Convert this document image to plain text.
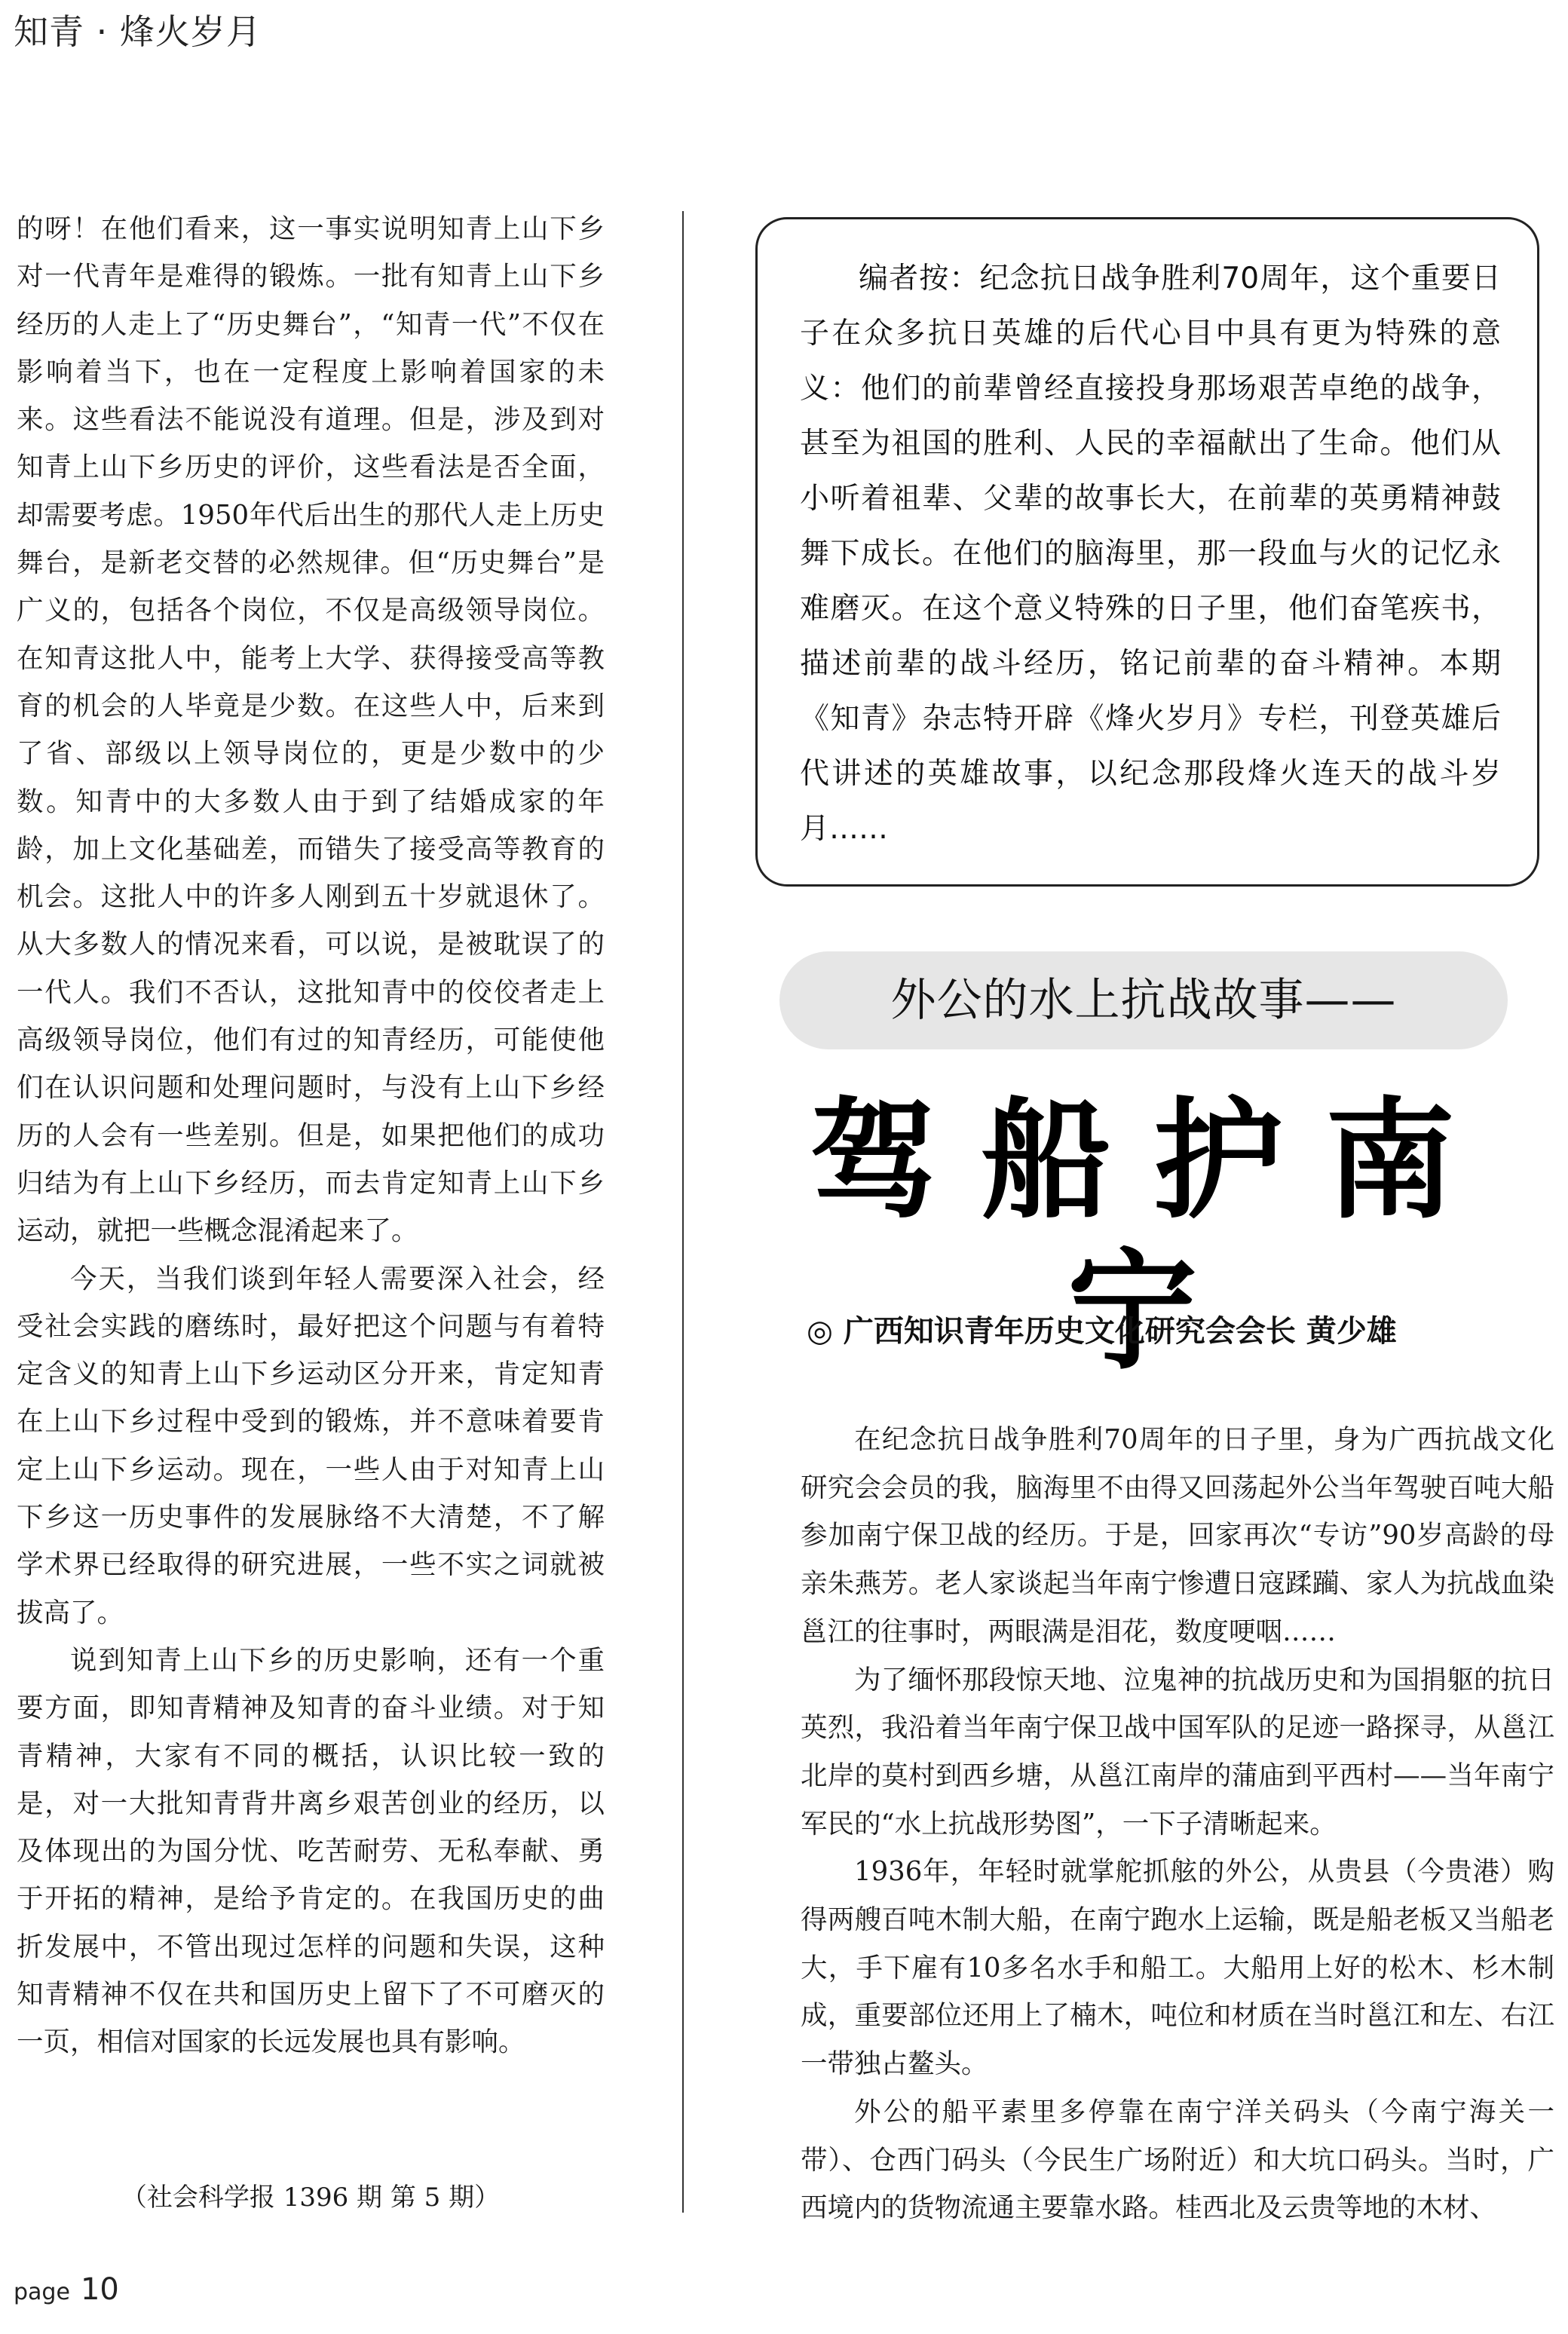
知青 · 烽火岁月

的呀！在他们看来，这一事实说明知青上山下乡对一代青年是难得的锻炼。一批有知青上山下乡经历的人走上了“历史舞台”，“知青一代”不仅在影响着当下，也在一定程度上影响着国家的未来。这些看法不能说没有道理。但是，涉及到对知青上山下乡历史的评价，这些看法是否全面，却需要考虑。1950年代后出生的那代人走上历史舞台，是新老交替的必然规律。但“历史舞台”是广义的，包括各个岗位，不仅是高级领导岗位。在知青这批人中，能考上大学、获得接受高等教育的机会的人毕竟是少数。在这些人中，后来到了省、部级以上领导岗位的，更是少数中的少数。知青中的大多数人由于到了结婚成家的年龄，加上文化基础差，而错失了接受高等教育的机会。这批人中的许多人刚到五十岁就退休了。从大多数人的情况来看，可以说，是被耽误了的一代人。我们不否认，这批知青中的佼佼者走上高级领导岗位，他们有过的知青经历，可能使他们在认识问题和处理问题时，与没有上山下乡经历的人会有一些差别。但是，如果把他们的成功归结为有上山下乡经历，而去肯定知青上山下乡运动，就把一些概念混淆起来了。

今天，当我们谈到年轻人需要深入社会，经受社会实践的磨练时，最好把这个问题与有着特定含义的知青上山下乡运动区分开来，肯定知青在上山下乡过程中受到的锻炼，并不意味着要肯定上山下乡运动。现在，一些人由于对知青上山下乡这一历史事件的发展脉络不大清楚，不了解学术界已经取得的研究进展，一些不实之词就被拔高了。

说到知青上山下乡的历史影响，还有一个重要方面，即知青精神及知青的奋斗业绩。对于知青精神，大家有不同的概括，认识比较一致的是，对一大批知青背井离乡艰苦创业的经历，以及体现出的为国分忧、吃苦耐劳、无私奉献、勇于开拓的精神，是给予肯定的。在我国历史的曲折发展中，不管出现过怎样的问题和失误，这种知青精神不仅在共和国历史上留下了不可磨灭的一页，相信对国家的长远发展也具有影响。

（社会科学报 1396 期 第 5 期）

编者按：纪念抗日战争胜利70周年，这个重要日子在众多抗日英雄的后代心目中具有更为特殊的意义：他们的前辈曾经直接投身那场艰苦卓绝的战争，甚至为祖国的胜利、人民的幸福献出了生命。他们从小听着祖辈、父辈的故事长大，在前辈的英勇精神鼓舞下成长。在他们的脑海里，那一段血与火的记忆永难磨灭。在这个意义特殊的日子里，他们奋笔疾书，描述前辈的战斗经历，铭记前辈的奋斗精神。本期《知青》杂志特开辟《烽火岁月》专栏，刊登英雄后代讲述的英雄故事，以纪念那段烽火连天的战斗岁月……

外公的水上抗战故事——
驾船护南宁
◎ 广西知识青年历史文化研究会会长 黄少雄

在纪念抗日战争胜利70周年的日子里，身为广西抗战文化研究会会员的我，脑海里不由得又回荡起外公当年驾驶百吨大船参加南宁保卫战的经历。于是，回家再次“专访”90岁高龄的母亲朱燕芳。老人家谈起当年南宁惨遭日寇蹂躏、家人为抗战血染邕江的往事时，两眼满是泪花，数度哽咽……

为了缅怀那段惊天地、泣鬼神的抗战历史和为国捐躯的抗日英烈，我沿着当年南宁保卫战中国军队的足迹一路探寻，从邕江北岸的莫村到西乡塘，从邕江南岸的蒲庙到平西村——当年南宁军民的“水上抗战形势图”，一下子清晰起来。

1936年，年轻时就掌舵抓舷的外公，从贵县（今贵港）购得两艘百吨木制大船，在南宁跑水上运输，既是船老板又当船老大，手下雇有10多名水手和船工。大船用上好的松木、杉木制成，重要部位还用上了楠木，吨位和材质在当时邕江和左、右江一带独占鳌头。

外公的船平素里多停靠在南宁洋关码头（今南宁海关一带）、仓西门码头（今民生广场附近）和大坑口码头。当时，广西境内的货物流通主要靠水路。桂西北及云贵等地的木材、

page 10
